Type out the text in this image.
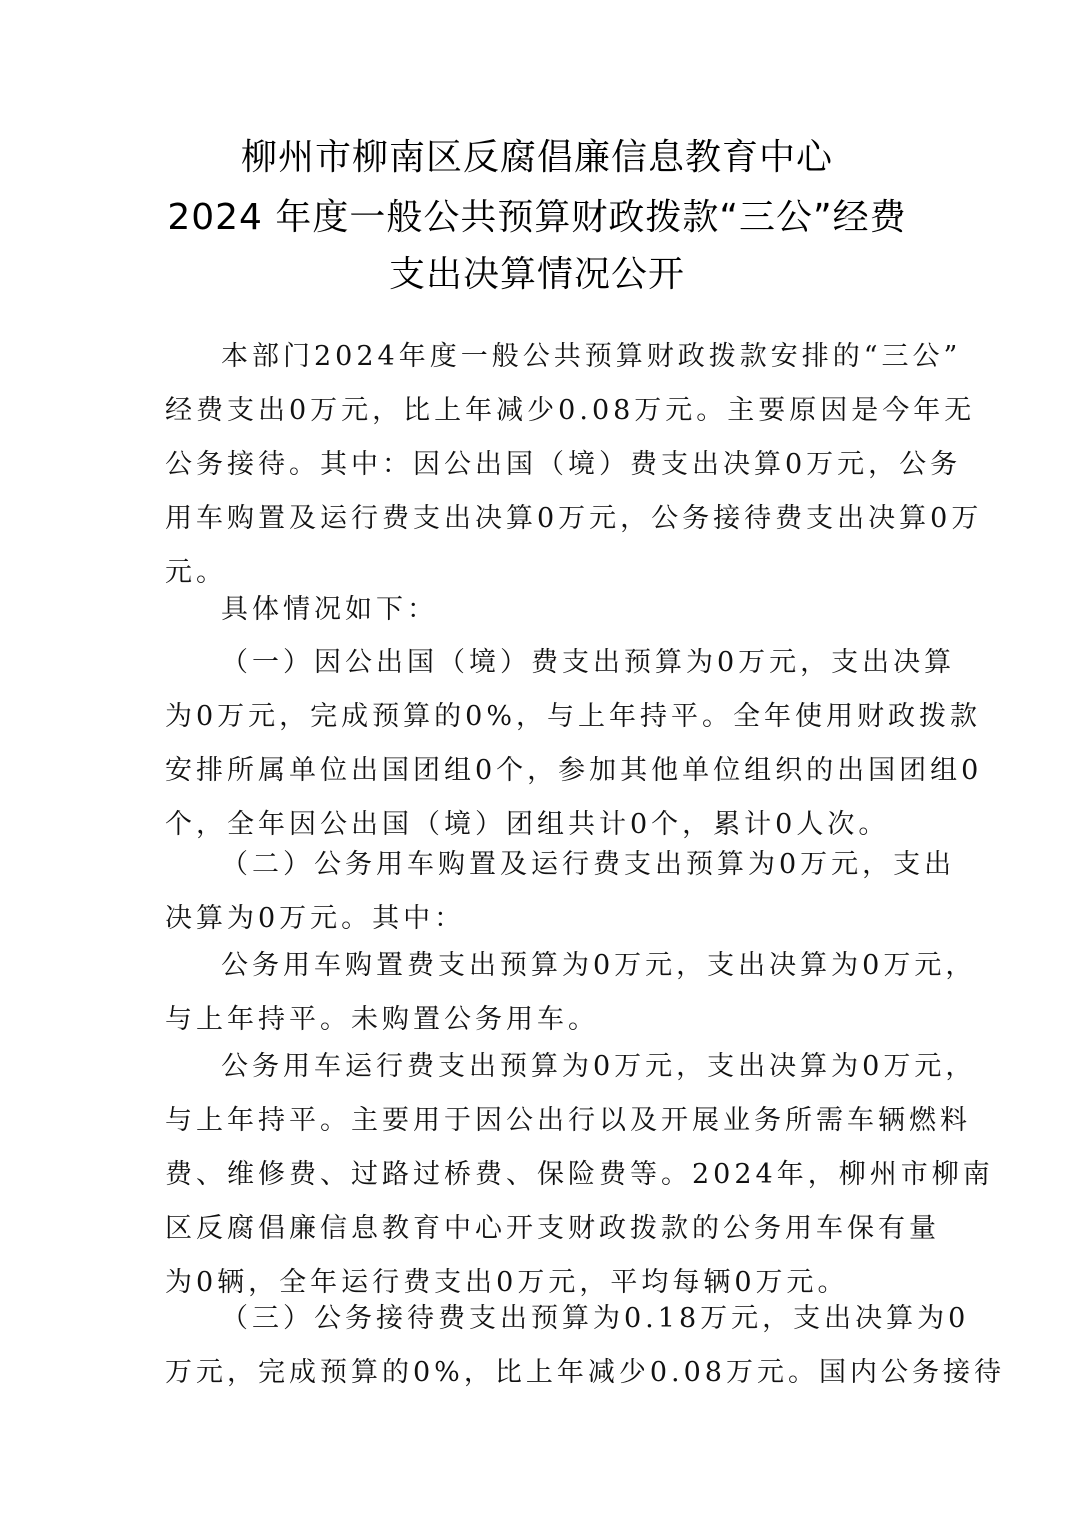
柳州市柳南区反腐倡廉信息教育中心
2024 年度一般公共预算财政拨款“三公”经费
支出决算情况公开
本部门2024年度一般公共预算财政拨款安排的“三公”
经费支出0万元，比上年减少0.08万元。主要原因是今年无
公务接待。其中：因公出国（境）费支出决算0万元，公务
用车购置及运行费支出决算0万元，公务接待费支出决算0万
元。
具体情况如下：
（一）因公出国（境）费支出预算为0万元，支出决算
为0万元，完成预算的0%，与上年持平。全年使用财政拨款
安排所属单位出国团组0个，参加其他单位组织的出国团组0
个，全年因公出国（境）团组共计0个，累计0人次。
（二）公务用车购置及运行费支出预算为0万元，支出
决算为0万元。其中：
公务用车购置费支出预算为0万元，支出决算为0万元，
与上年持平。未购置公务用车。
公务用车运行费支出预算为0万元，支出决算为0万元，
与上年持平。主要用于因公出行以及开展业务所需车辆燃料
费、维修费、过路过桥费、保险费等。2024年，柳州市柳南
区反腐倡廉信息教育中心开支财政拨款的公务用车保有量
为0辆，全年运行费支出0万元，平均每辆0万元。
（三）公务接待费支出预算为0.18万元，支出决算为0
万元，完成预算的0%，比上年减少0.08万元。国内公务接待
